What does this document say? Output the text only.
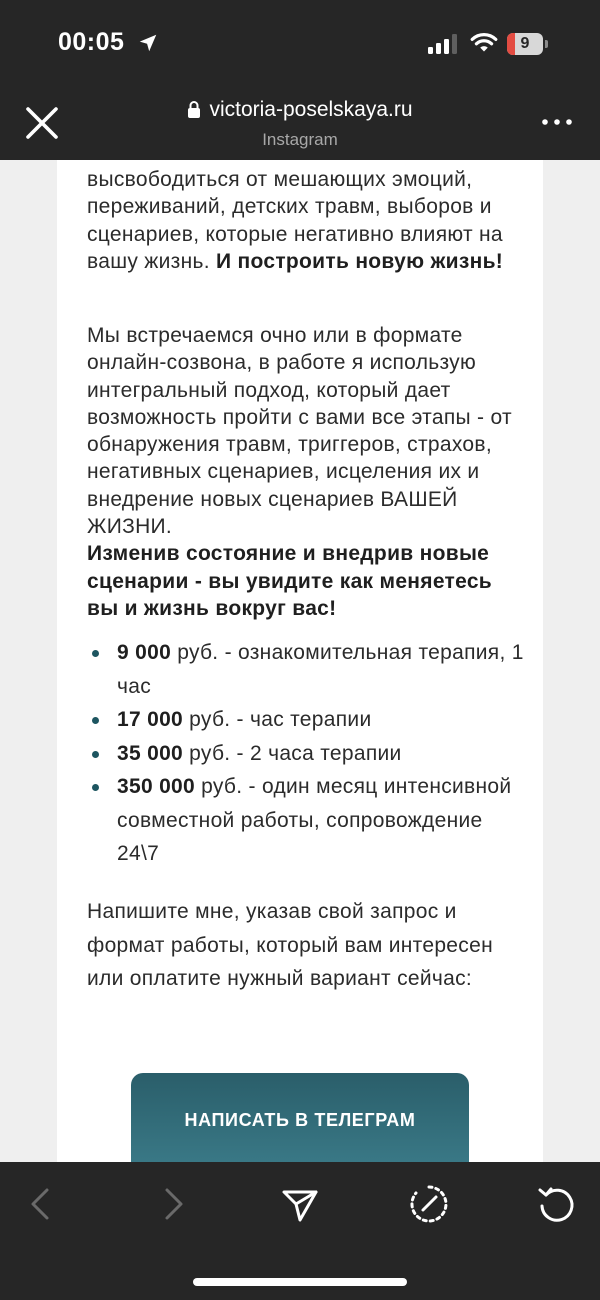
00:05	9
victoria-poselskaya.ru
Instagram
высвободиться от мешающих эмоций, переживаний, детских травм, выборов и сценариев, которые негативно влияют на вашу жизнь. И построить новую жизнь!
Мы встречаемся очно или в формате онлайн-созвона, в работе я использую интегральный подход, который дает возможность пройти с вами все этапы - от обнаружения травм, триггеров, страхов, негативных сценариев, исцеления их и внедрение новых сценариев ВАШЕЙ ЖИЗНИ.
Изменив состояние и внедрив новые сценарии - вы увидите как меняетесь вы и жизнь вокруг вас!
9 000 руб. - ознакомительная терапия, 1 час
17 000 руб. - час терапии
35 000 руб. - 2 часа терапии
350 000 руб. - один месяц интенсивной совместной работы, сопровождение 24\7
Напишите мне, указав свой запрос и формат работы, который вам интересен
или оплатите нужный вариант сейчас:
НАПИСАТЬ В ТЕЛЕГРАМ
